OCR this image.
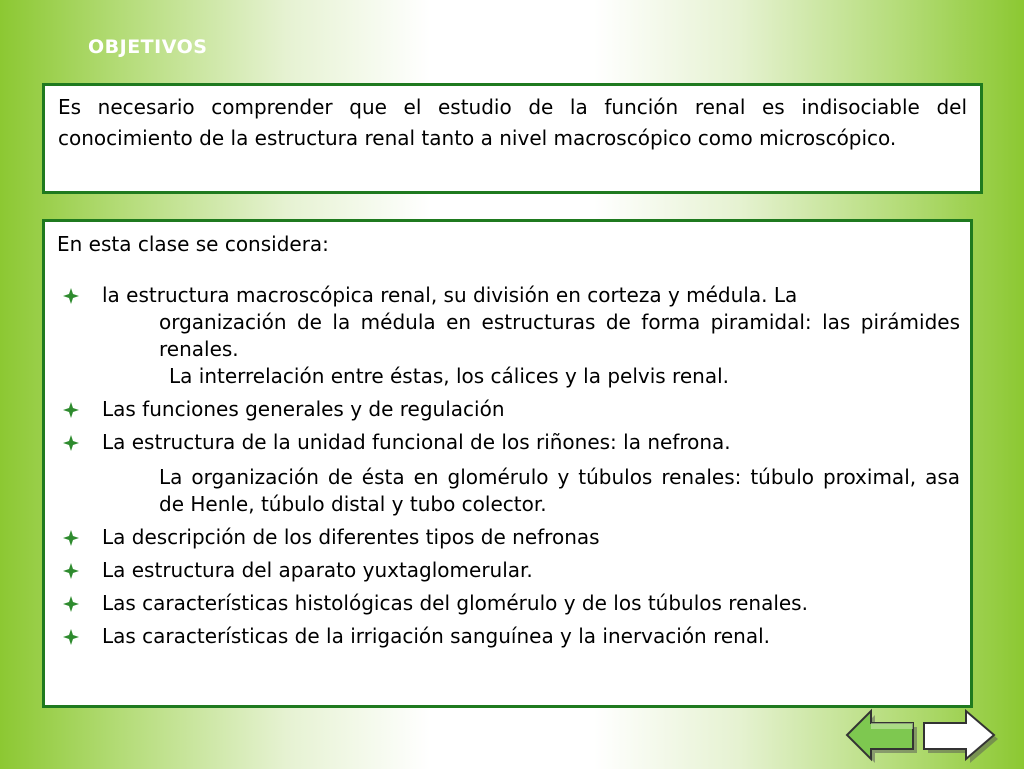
OBJETIVOS
Es necesario comprender que el estudio de la función renal es indisociable del conocimiento de la estructura renal tanto a nivel macroscópico como microscópico.

En esta clase se considera:

la estructura macroscópica renal, su división en corteza y médula. La
organización de la médula en estructuras de forma piramidal: las pirámides renales.
La interrelación entre éstas, los cálices y la pelvis renal.
Las funciones generales y de regulación
La estructura de la unidad funcional de los riñones: la nefrona.
La organización de ésta en glomérulo y túbulos renales: túbulo proximal, asa de Henle, túbulo distal y tubo colector.
La descripción de los diferentes tipos de nefronas
La estructura del aparato yuxtaglomerular.
Las características histológicas del glomérulo y de los túbulos renales.
Las características de la irrigación sanguínea y la inervación renal.
